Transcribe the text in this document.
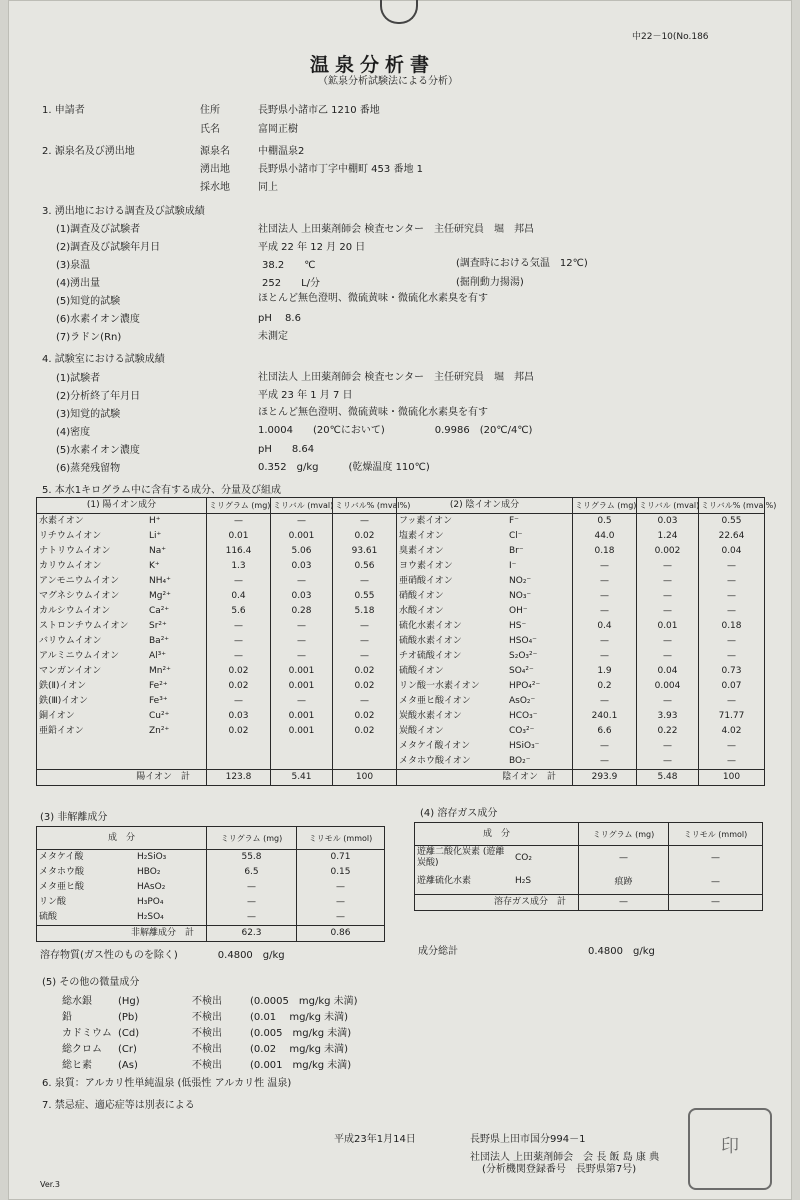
中22－10(No.186
温泉分析書
（鉱泉分析試験法による分析）
1. 申請者	住所	長野県小諸市乙 1210 番地
氏名	富岡正樹
2. 源泉名及び湧出地	源泉名	中棚温泉2
湧出地	長野県小諸市丁字中棚町 453 番地 1
採水地	同上
3. 湧出地における調査及び試験成績
(1)調査及び試験者	社団法人 上田薬剤師会 検査センター　主任研究員　堀　邦昌
(2)調査及び試験年月日	平成 22 年 12 月 20 日
(3)泉温	38.2　　℃	(調査時における気温　12℃)
(4)湧出量	252　　L/分	(掘削動力揚湯)
(5)知覚的試験	ほとんど無色澄明、微硫黄味・微硫化水素臭を有す
(6)水素イオン濃度	pH　 8.6
(7)ラドン(Rn)	未測定
4. 試験室における試験成績
(1)試験者	社団法人 上田薬剤師会 検査センター　主任研究員　堀　邦昌
(2)分析終了年月日	平成 23 年 1 月 7 日
(3)知覚的試験	ほとんど無色澄明、微硫黄味・微硫化水素臭を有す
(4)密度	1.0004　　(20℃において)　　　　　0.9986　(20℃/4℃)
(5)水素イオン濃度	pH　　8.64
(6)蒸発残留物	0.352　g/kg　　　(乾燥温度 110℃)
5. 本水1キログラム中に含有する成分、分量及び組成
(1) 陽イオン成分	ミリグラム (mg)	ミリバル (mval)	ミリバル% (mval%)
水素イオン H⁺	—	—	—
リチウムイオン Li⁺	0.01	0.001	0.02
ナトリウムイオン Na⁺	116.4	5.06	93.61
カリウムイオン K⁺	1.3	0.03	0.56
アンモニウムイオン NH₄⁺	—	—	—
マグネシウムイオン Mg²⁺	0.4	0.03	0.55
カルシウムイオン Ca²⁺	5.6	0.28	5.18
ストロンチウムイオン Sr²⁺	—	—	—
バリウムイオン Ba²⁺	—	—	—
アルミニウムイオン Al³⁺	—	—	—
マンガンイオン Mn²⁺	0.02	0.001	0.02
鉄(Ⅱ)イオン Fe²⁺	0.02	0.001	0.02
鉄(Ⅲ)イオン Fe³⁺	—	—	—
銅イオン Cu²⁺	0.03	0.001	0.02
亜鉛イオン Zn²⁺	0.02	0.001	0.02

陽イオン　計	123.8	5.41	100
(2) 陰イオン成分	ミリグラム (mg)	ミリバル (mval)	ミリバル% (mval%)
フッ素イオン F⁻	0.5	0.03	0.55
塩素イオン Cl⁻	44.0	1.24	22.64
臭素イオン Br⁻	0.18	0.002	0.04
ヨウ素イオン I⁻	—	—	—
亜硝酸イオン NO₂⁻	—	—	—
硝酸イオン NO₃⁻	—	—	—
水酸イオン OH⁻	—	—	—
硫化水素イオン HS⁻	0.4	0.01	0.18
硫酸水素イオン HSO₄⁻	—	—	—
チオ硫酸イオン S₂O₃²⁻	—	—	—
硫酸イオン SO₄²⁻	1.9	0.04	0.73
リン酸一水素イオン HPO₄²⁻	0.2	0.004	0.07
メタ亜ヒ酸イオン AsO₂⁻	—	—	—
炭酸水素イオン HCO₃⁻	240.1	3.93	71.77
炭酸イオン CO₃²⁻	6.6	0.22	4.02
メタケイ酸イオン HSiO₃⁻	—	—	—
メタホウ酸イオン BO₂⁻	—	—	—
陰イオン　計	293.9	5.48	100
(3) 非解離成分
成　分	ミリグラム (mg)	ミリモル (mmol)
メタケイ酸 H₂SiO₃	55.8	0.71
メタホウ酸 HBO₂	6.5	0.15
メタ亜ヒ酸 HAsO₂	—	—
リン酸 H₃PO₄	—	—
硫酸 H₂SO₄	—	—
非解離成分　計	62.3	0.86
(4) 溶存ガス成分
成　分	ミリグラム (mg)	ミリモル (mmol)
遊離二酸化炭素 (遊離炭酸)CO₂	—	—
遊離硫化水素 H₂S	痕跡	—
溶存ガス成分　計	—	—
溶存物質(ガス性のものを除く)　　　　0.4800　g/kg	成分総計　　　　　　　　　　　　　0.4800　g/kg
(5) その他の微量成分
総水銀	(Hg)	不検出	(0.0005　mg/kg 未満)
鉛	(Pb)	不検出	(0.01　 mg/kg 未満)
カドミウム (Cd)	不検出	(0.005　mg/kg 未満)
総クロム (Cr)	不検出	(0.02　 mg/kg 未満)
総ヒ素	(As)	不検出	(0.001　mg/kg 未満)
6. 泉質：アルカリ性単純温泉 (低張性 アルカリ性 温泉)
7. 禁忌症、適応症等は別表による
平成23年1月14日	長野県上田市国分994－1
社団法人 上田薬剤師会　会 長 飯 島 康 典
(分析機関登録番号　長野県第7号)
印
Ver.3
